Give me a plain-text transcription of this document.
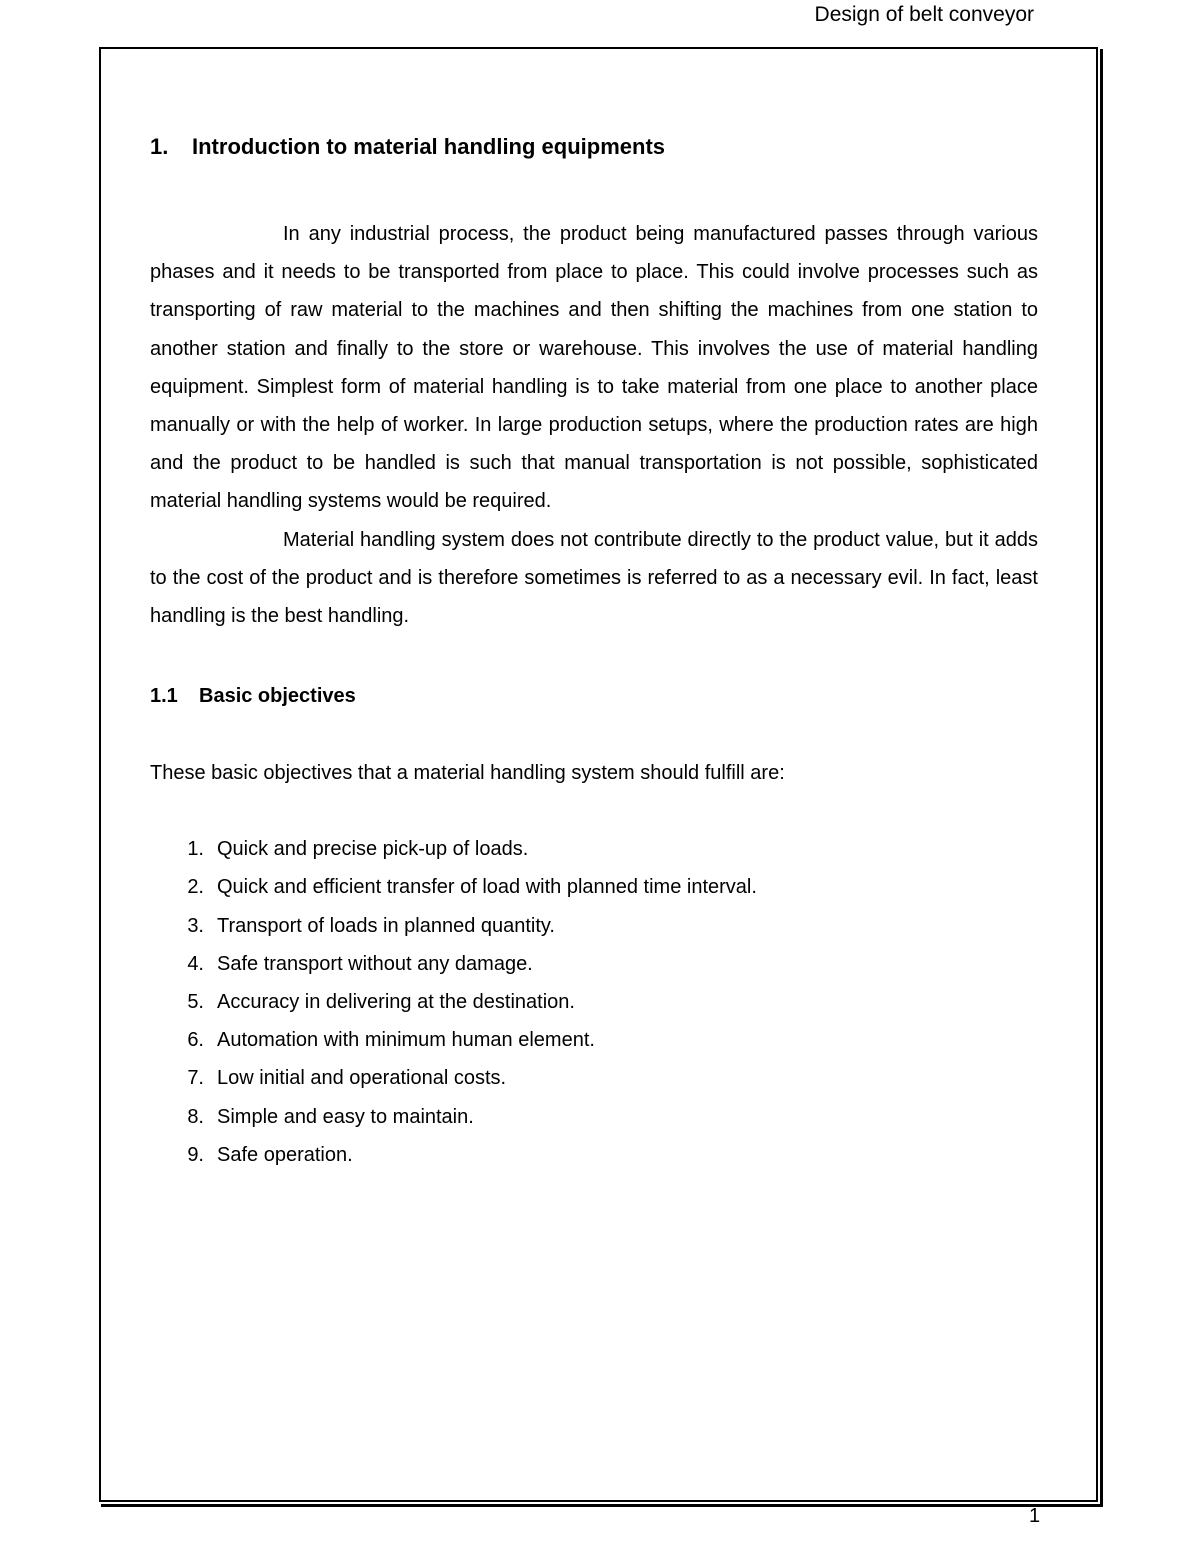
Design of belt conveyor
1.	Introduction to material handling equipments

In any industrial process, the product being manufactured passes through various phases and it needs to be transported from place to place. This could involve processes such as transporting of raw material to the machines and then shifting the machines from one station to another station and finally to the store or warehouse. This involves the use of material handling equipment. Simplest form of material handling is to take material from one place to another place manually or with the help of worker. In large production setups, where the production rates are high and the product to be handled is such that manual transportation is not possible, sophisticated material handling systems would be required.

Material handling system does not contribute directly to the product value, but it adds to the cost of the product and is therefore sometimes is referred to as a necessary evil. In fact, least handling is the best handling.

1.1	Basic objectives

These basic objectives that a material handling system should fulfill are:

1. Quick and precise pick-up of loads.
2. Quick and efficient transfer of load with planned time interval.
3. Transport of loads in planned quantity.
4. Safe transport without any damage.
5. Accuracy in delivering at the destination.
6. Automation with minimum human element.
7. Low initial and operational costs.
8. Simple and easy to maintain.
9. Safe operation.
1
